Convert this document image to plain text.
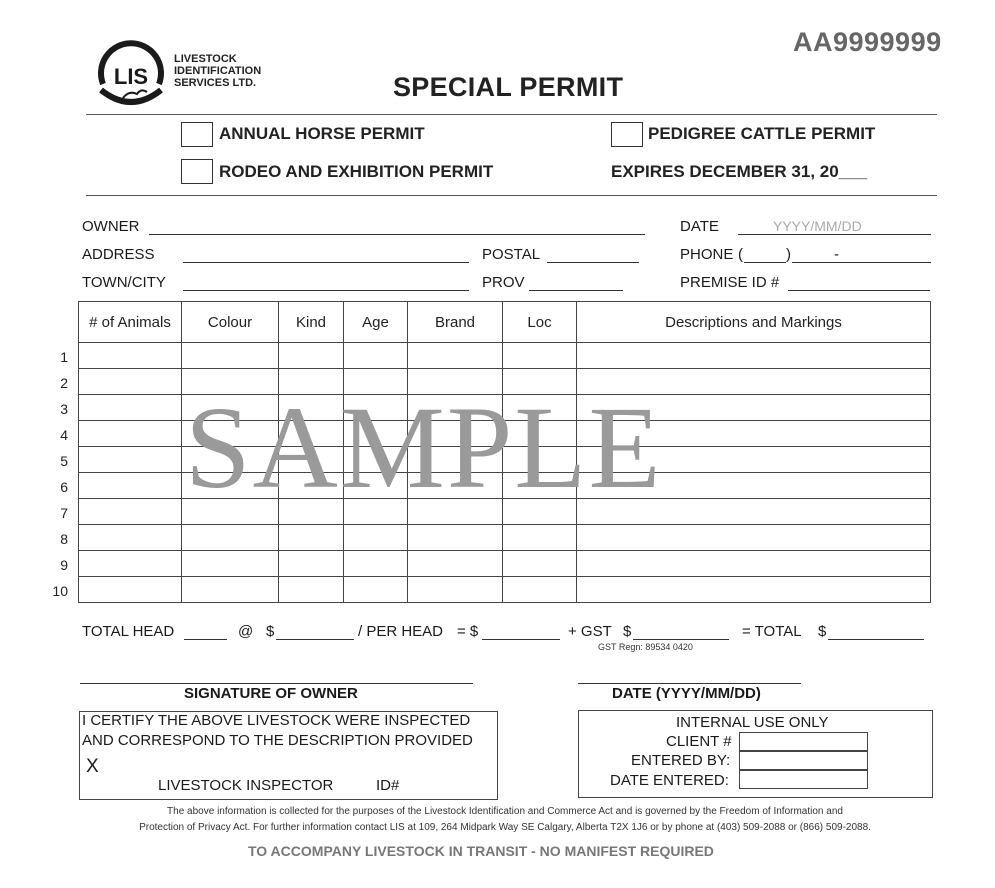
LIS
LIVESTOCK
IDENTIFICATION
SERVICES LTD.
AA9999999
SPECIAL PERMIT
ANNUAL HORSE PERMIT
RODEO AND EXHIBITION PERMIT
PEDIGREE CATTLE PERMIT
EXPIRES DECEMBER 31, 20___
OWNER
ADDRESS
TOWN/CITY
POSTAL
PROV
DATE	YYYY/MM/DD
PHONE (	)	-
PREMISE ID #
# of Animals	Colour	Kind	Age	Brand	Loc	Descriptions and Markings

1
2
3
4
5
6
7
8
9
10
SAMPLE
TOTAL HEAD	@ $	/ PER HEAD = $	+ GST $
GST Regn: 89534 0420
= TOTAL $
SIGNATURE OF OWNER	DATE (YYYY/MM/DD)
I CERTIFY THE ABOVE LIVESTOCK WERE INSPECTED
AND CORRESPOND TO THE DESCRIPTION PROVIDED
X
LIVESTOCK INSPECTOR	ID#
INTERNAL USE ONLY
CLIENT #
ENTERED BY:
DATE ENTERED:
The above information is collected for the purposes of the Livestock Identification and Commerce Act and is governed by the Freedom of Information and
Protection of Privacy Act. For further information contact LIS at 109, 264 Midpark Way SE Calgary, Alberta T2X 1J6 or by phone at (403) 509-2088 or (866) 509-2088.
TO ACCOMPANY LIVESTOCK IN TRANSIT - NO MANIFEST REQUIRED
